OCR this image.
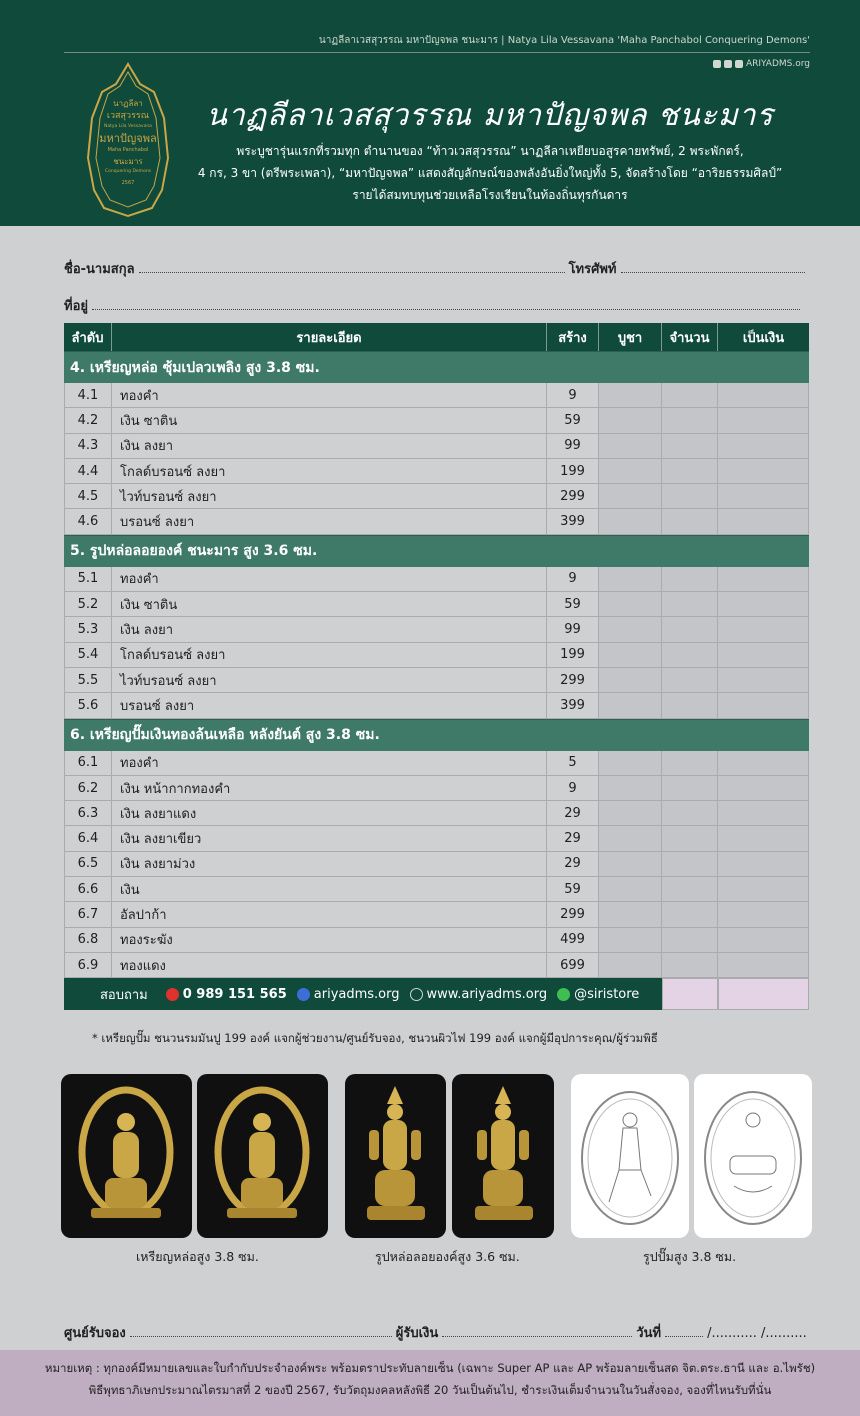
นาฏลีลาเวสสุวรรณ มหาปัญจพล ชนะมาร | Natya Lila Vessavana 'Maha Panchabol Conquering Demons'
ARIYADMS.org
นาฏลีลา
เวสสุวรรณ
Natya Lila Vessavana
มหาปัญจพล
Maha Panchabol
ชนะมาร
Conquering Demons
2567
นาฏลีลาเวสสุวรรณ มหาปัญจพล ชนะมาร
พระบูชารุ่นแรกที่รวมทุก ตำนานของ “ท้าวเวสสุวรรณ” นาฏลีลาเหยียบอสูรคายทรัพย์, 2 พระพักตร์,
4 กร, 3 ขา (ตรีพระเพลา), “มหาปัญจพล” แสดงสัญลักษณ์ของพลังอันยิ่งใหญ่ทั้ง 5, จัดสร้างโดย “อาริยธรรมศิลป์”
รายได้สมทบทุนช่วยเหลือโรงเรียนในท้องถิ่นทุรกันดาร
ชื่อ-นามสกุล	โทรศัพท์
ที่อยู่
ลำดับ	รายละเอียด	สร้าง	บูชา	จำนวน	เป็นเงิน
4. เหรียญหล่อ ซุ้มเปลวเพลิง สูง 3.8 ซม.
4.1	ทองคำ	9
4.2	เงิน ซาติน	59
4.3	เงิน ลงยา	99
4.4	โกลด์บรอนซ์ ลงยา	199
4.5	ไวท์บรอนซ์ ลงยา	299
4.6	บรอนซ์ ลงยา	399
5. รูปหล่อลอยองค์ ชนะมาร สูง 3.6 ซม.
5.1	ทองคำ	9
5.2	เงิน ซาติน	59
5.3	เงิน ลงยา	99
5.4	โกลด์บรอนซ์ ลงยา	199
5.5	ไวท์บรอนซ์ ลงยา	299
5.6	บรอนซ์ ลงยา	399
6. เหรียญปั๊มเงินทองล้นเหลือ หลังยันต์ สูง 3.8 ซม.
6.1	ทองคำ	5
6.2	เงิน หน้ากากทองคำ	9
6.3	เงิน ลงยาแดง	29
6.4	เงิน ลงยาเขียว	29
6.5	เงิน ลงยาม่วง	29
6.6	เงิน	59
6.7	อัลปาก้า	299
6.8	ทองระฆัง	499
6.9	ทองแดง	699
สอบถาม	0 989 151 565	ariyadms.org	www.ariyadms.org	@siristore
* เหรียญปั๊ม ชนวนรมมันปู 199 องค์ แจกผู้ช่วยงาน/ศูนย์รับจอง, ชนวนผิวไฟ 199 องค์ แจกผู้มีอุปการะคุณ/ผู้ร่วมพิธี
เหรียญหล่อสูง 3.8 ซม.	รูปหล่อลอยองค์สูง 3.6 ซม.	รูปปั๊มสูง 3.8 ซม.
ศูนย์รับจอง	ผู้รับเงิน	วันที่	/........... /..........

หมายเหตุ : ทุกองค์มีหมายเลขและใบกำกับประจำองค์พระ พร้อมตราประทับลายเซ็น (เฉพาะ Super AP และ AP พร้อมลายเซ็นสด จิต.ตระ.ธานี และ อ.ไพรัช)

พิธีพุทธาภิเษกประมาณไตรมาสที่ 2 ของปี 2567, รับวัตถุมงคลหลังพิธี 20 วันเป็นต้นไป, ชำระเงินเต็มจำนวนในวันสั่งจอง, จองที่ไหนรับที่นั่น
